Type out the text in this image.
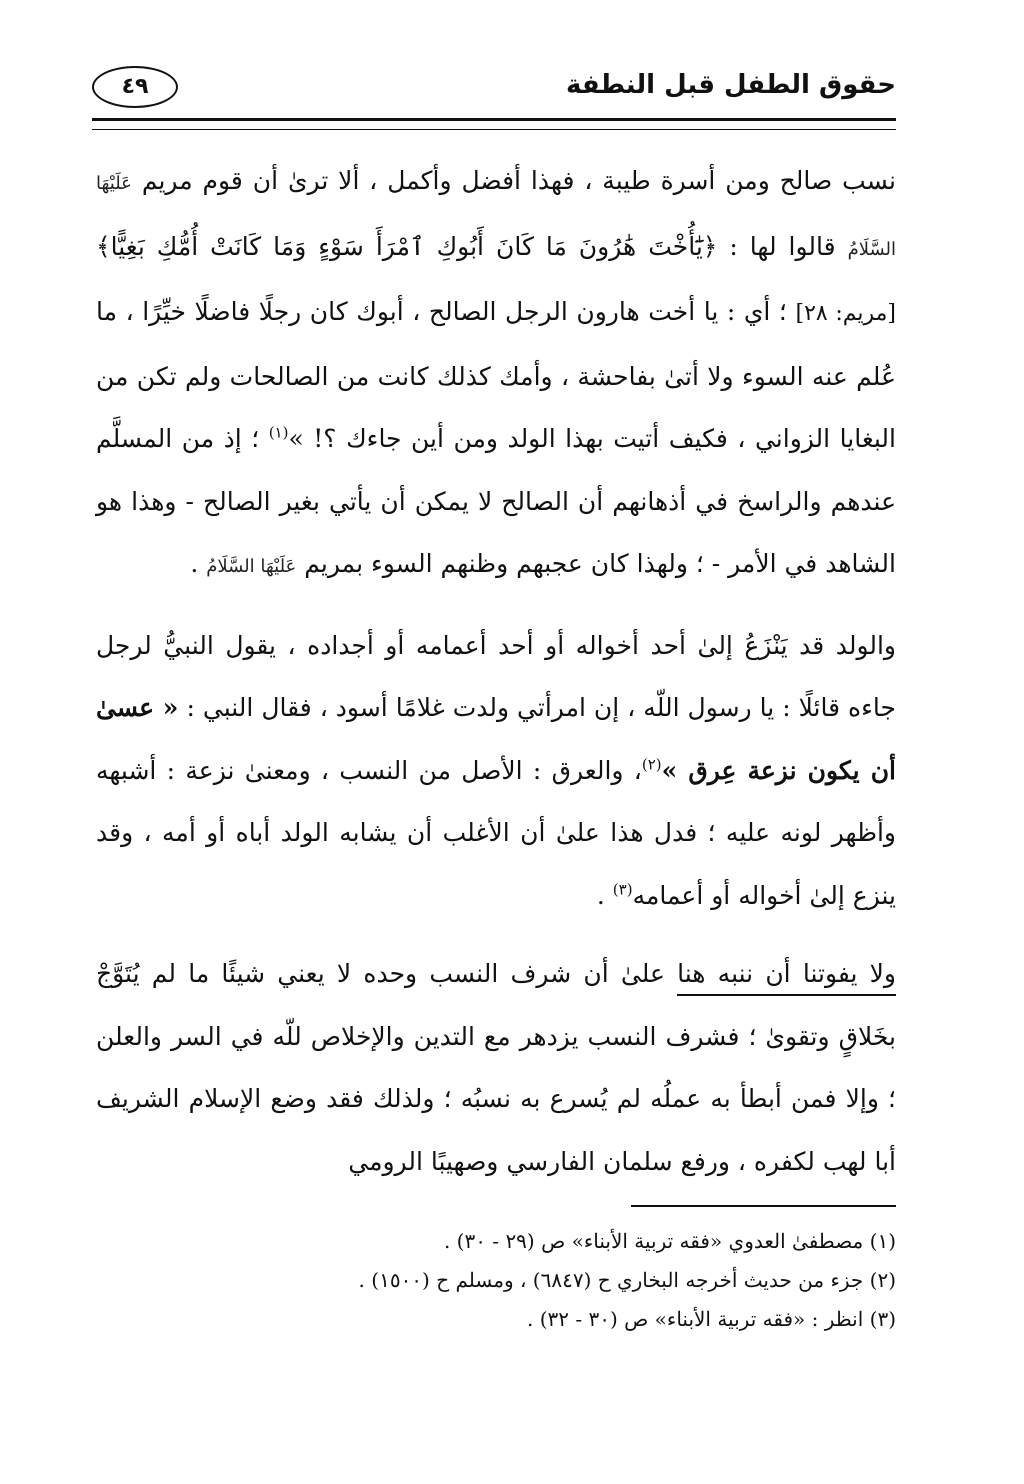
حقوق الطفل قبل النطفة
٤٩

نسب صالح ومن أسرة طيبة ، فهذا أفضل وأكمل ، ألا ترىٰ أن قوم مريم عَلَيْهَا السَّلَامُ قالوا لها : ﴿يَٰٓأُخْتَ هَٰرُونَ مَا كَانَ أَبُوكِ ٱمْرَأَ سَوْءٍ وَمَا كَانَتْ أُمُّكِ بَغِيًّا﴾ [مريم: ٢٨] ؛ أي : يا أخت هارون الرجل الصالح ، أبوك كان رجلًا فاضلًا خيِّرًا ، ما عُلم عنه السوء ولا أتىٰ بفاحشة ، وأمك كذلك كانت من الصالحات ولم تكن من البغايا الزواني ، فكيف أتيت بهذا الولد ومن أين جاءك ؟! »$^{(١)}$ ؛ إذ من المسلَّم عندهم والراسخ في أذهانهم أن الصالح لا يمكن أن يأتي بغير الصالح - وهذا هو الشاهد في الأمر - ؛ ولهذا كان عجبهم وظنهم السوء بمريم عَلَيْهَا السَّلَامُ .

والولد قد يَنْزَعُ إلىٰ أحد أخواله أو أحد أعمامه أو أجداده ، يقول النبيُّ لرجل جاءه قائلًا : يا رسول اللّه ، إن امرأتي ولدت غلامًا أسود ، فقال النبي : « عسىٰ أن يكون نزعة عِرق »$^{(٢)}$، والعرق : الأصل من النسب ، ومعنىٰ نزعة : أشبهه وأظهر لونه عليه ؛ فدل هذا علىٰ أن الأغلب أن يشابه الولد أباه أو أمه ، وقد ينزع إلىٰ أخواله أو أعمامه$^{(٣)}$ .

ولا يفوتنا أن ننبه هنا علىٰ أن شرف النسب وحده لا يعني شيئًا ما لم يُتَوَّجْ بخَلاقٍ وتقوىٰ ؛ فشرف النسب يزدهر مع التدين والإخلاص للّه في السر والعلن ؛ وإلا فمن أبطأ به عملُه لم يُسرع به نسبُه ؛ ولذلك فقد وضع الإسلام الشريف أبا لهب لكفره ، ورفع سلمان الفارسي وصهيبًا الرومي

(١) مصطفىٰ العدوي «فقه تربية الأبناء» ص (٢٩ - ٣٠) .

(٢) جزء من حديث أخرجه البخاري ح (٦٨٤٧) ، ومسلم ح (١٥٠٠) .

(٣) انظر : «فقه تربية الأبناء» ص (٣٠ - ٣٢) .
